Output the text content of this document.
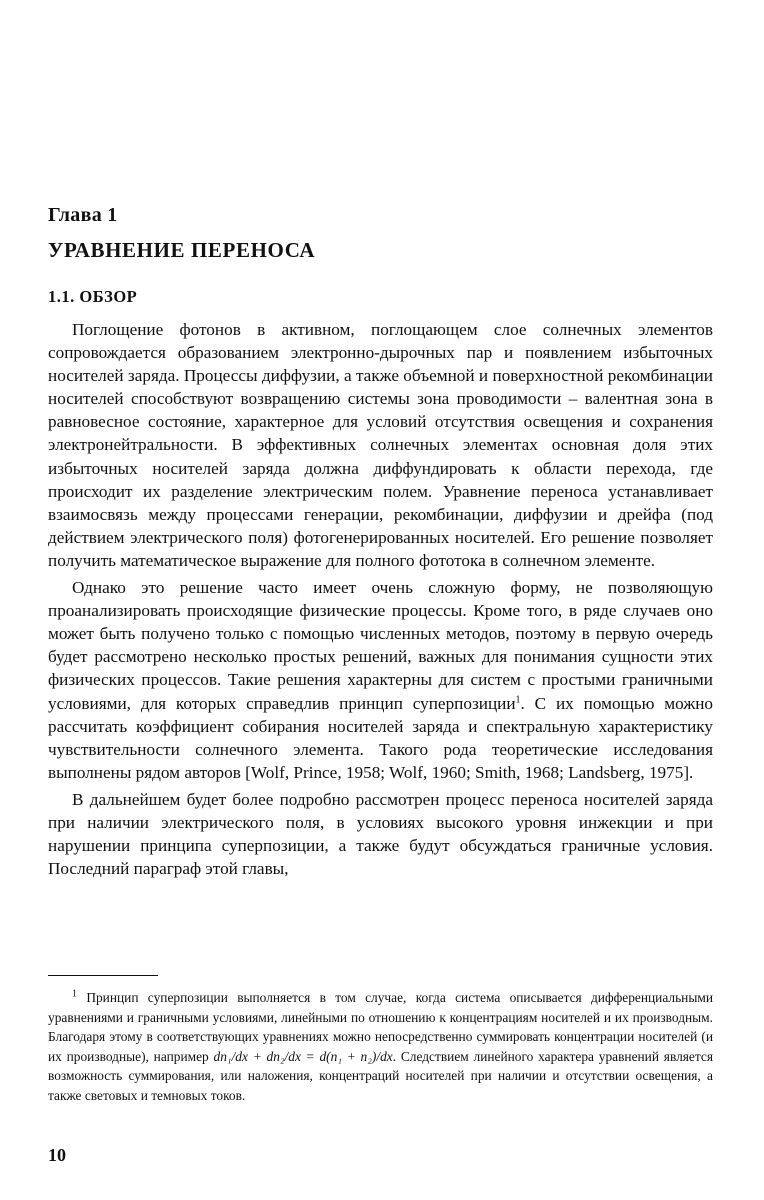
Глава 1
УРАВНЕНИЕ ПЕРЕНОСА
1.1. ОБЗОР

Поглощение фотонов в активном, поглощающем слое солнечных элементов сопровождается образованием электронно-дырочных пар и появлением избыточных носителей заряда. Процессы диффузии, а также объемной и поверхностной рекомбинации носителей способствуют возвращению системы зона проводимости – валентная зона в равновесное состояние, характерное для условий отсутствия освещения и сохранения электронейтральности. В эффективных солнечных элементах основная доля этих избыточных носителей заряда должна диффундировать к области перехода, где происходит их разделение электрическим полем. Уравнение переноса устанавливает взаимосвязь между процессами генерации, рекомбинации, диффузии и дрейфа (под действием электрического поля) фотогенерированных носителей. Его решение позволяет получить математическое выражение для полного фототока в солнечном элементе.

Однако это решение часто имеет очень сложную форму, не позволяющую проанализировать происходящие физические процессы. Кроме того, в ряде случаев оно может быть получено только с помощью численных методов, поэтому в первую очередь будет рассмотрено несколько простых решений, важных для понимания сущности этих физических процессов. Такие решения характерны для систем с простыми граничными условиями, для которых справедлив принцип суперпозиции$^1$. С их помощью можно рассчитать коэффициент собирания носителей заряда и спектральную характеристику чувствительности солнечного элемента. Такого рода теоретические исследования выполнены рядом авторов [Wolf, Prince, 1958; Wolf, 1960; Smith, 1968; Landsberg, 1975].

В дальнейшем будет более подробно рассмотрен процесс переноса носителей заряда при наличии электрического поля, в условиях высокого уровня инжекции и при нарушении принципа суперпозиции, а также будут обсуждаться граничные условия. Последний параграф этой главы,

$^1$ Принцип суперпозиции выполняется в том случае, когда система описывается дифференциальными уравнениями и граничными условиями, линейными по отношению к концентрациям носителей и их производным. Благодаря этому в соответствующих уравнениях можно непосредственно суммировать концентрации носителей (и их производные), например dn₁/dx + dn₂/dx = d(n₁ + n₂)/dx. Следствием линейного характера уравнений является возможность суммирования, или наложения, концентраций носителей при наличии и отсутствии освещения, а также световых и темновых токов.

10
